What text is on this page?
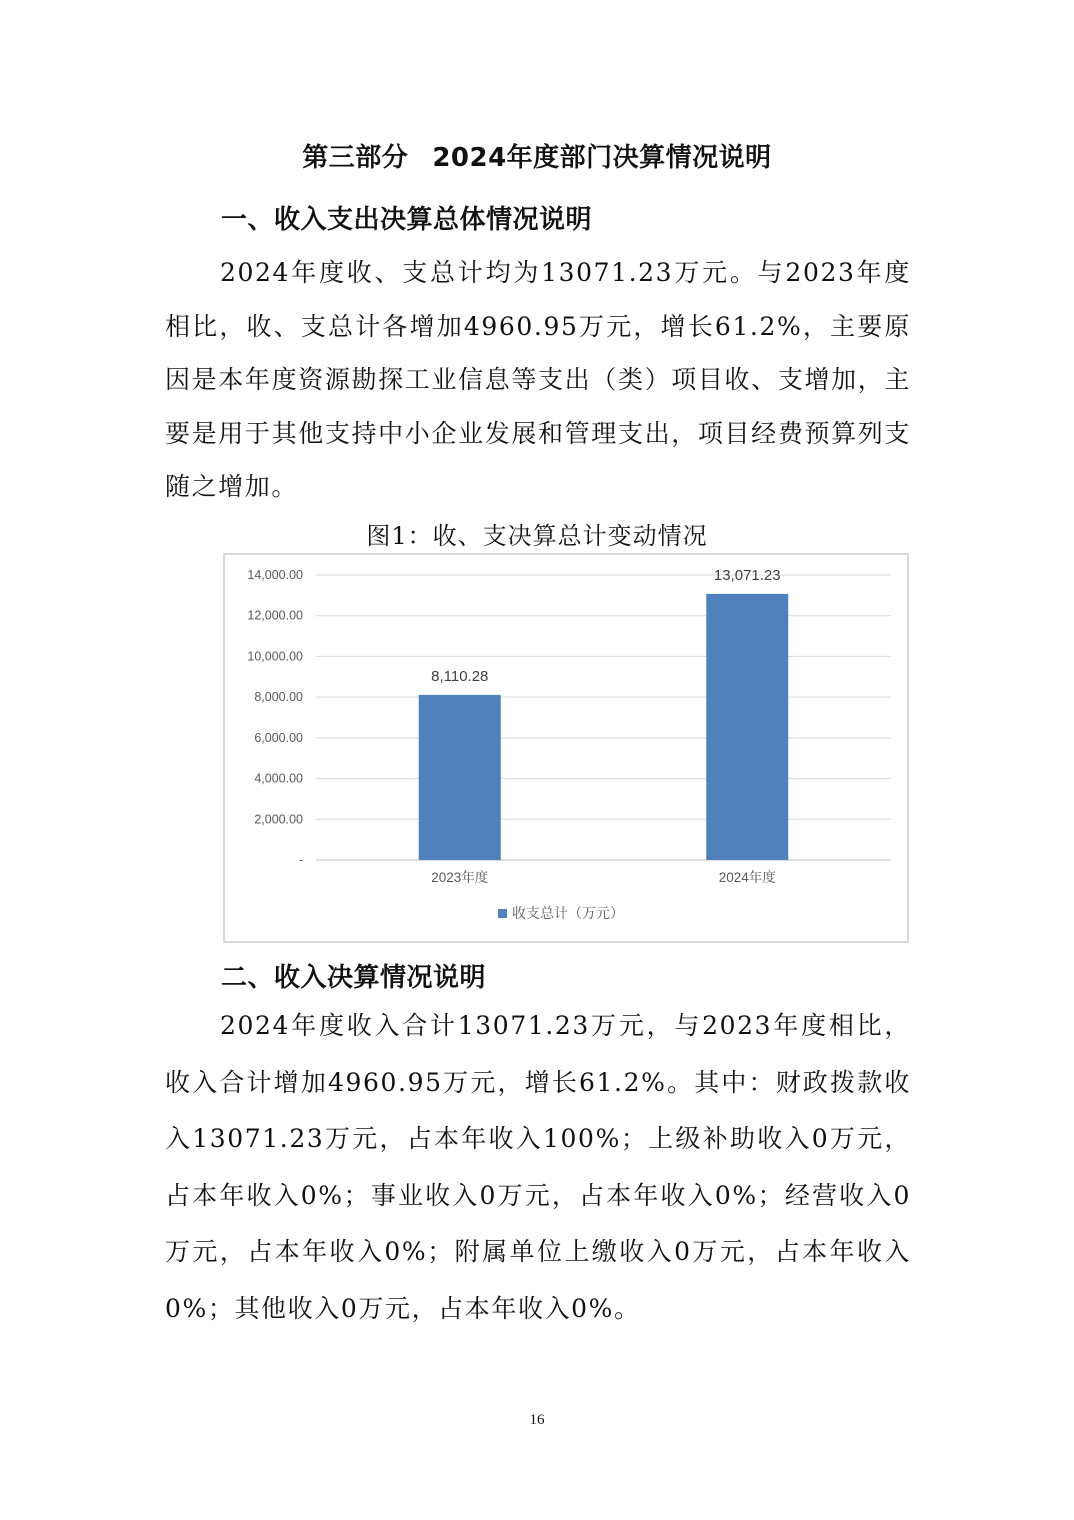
第三部分 2024年度部门决算情况说明
一、收入支出决算总体情况说明

2024年度收、支总计均为13071.23万元。与2023年度相比，收、支总计各增加4960.95万元，增长61.2%，主要原因是本年度资源勘探工业信息等支出（类）项目收、支增加，主要是用于其他支持中小企业发展和管理支出，项目经费预算列支随之增加。

图1：收、支决算总计变动情况
-
2,000.00
4,000.00
6,000.00
8,000.00
10,000.00
12,000.00
14,000.00
8,110.28
2023年度
13,071.23
2024年度
收支总计（万元）
二、收入决算情况说明

2024年度收入合计13071.23万元，与2023年度相比，收入合计增加4960.95万元，增长61.2%。其中：财政拨款收入13071.23万元，占本年收入100%；上级补助收入0万元，占本年收入0%；事业收入0万元，占本年收入0%；经营收入0万元，占本年收入0%；附属单位上缴收入0万元，占本年收入0%；其他收入0万元，占本年收入0%。

16
